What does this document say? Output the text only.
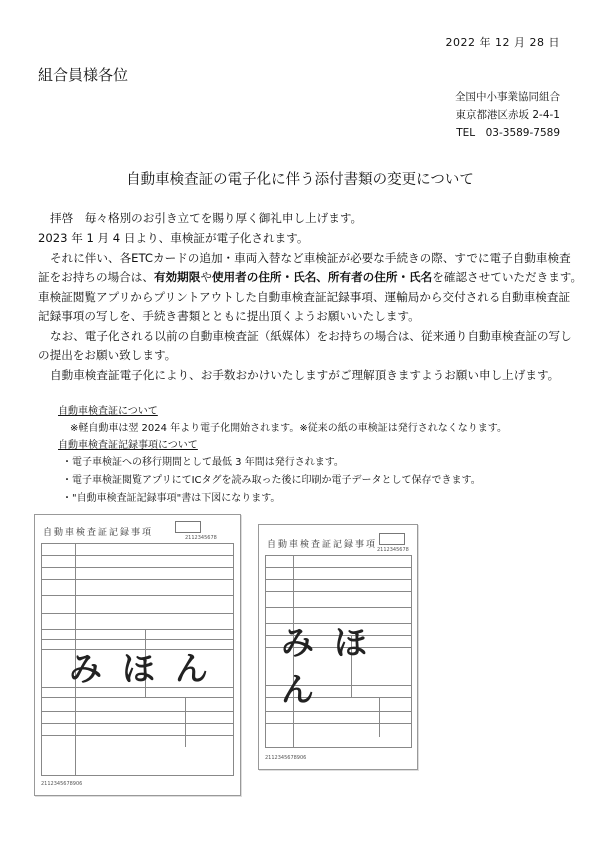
2022 年 12 月 28 日
組合員様各位
全国中小事業協同組合
東京都港区赤坂 2-4-1
TEL　03-3589-7589
自動車検査証の電子化に伴う添付書類の変更について
拝啓　毎々格別のお引き立てを賜り厚く御礼申し上げます。
2023 年 1 月 4 日より、車検証が電子化されます。
それに伴い、各ETCカードの追加・車両入替など車検証が必要な手続きの際、すでに電子自動車検査
証をお持ちの場合は、有効期限や使用者の住所・氏名、所有者の住所・氏名を確認させていただきます。
車検証閲覧アプリからプリントアウトした自動車検査証記録事項、運輸局から交付される自動車検査証
記録事項の写しを、手続き書類とともに提出頂くようお願いいたします。
なお、電子化される以前の自動車検査証（紙媒体）をお持ちの場合は、従来通り自動車検査証の写し
の提出をお願い致します。
自動車検査証電子化により、お手数おかけいたしますがご理解頂きますようお願い申し上げます。
自動車検査証について
※軽自動車は翌 2024 年より電子化開始されます。※従来の紙の車検証は発行されなくなります。
自動車検査証記録事項について
・電子車検証への移行期間として最低 3 年間は発行されます。
・電子車検証閲覧アプリにてICタグを読み取った後に印刷か電子データとして保存できます。
・"自動車検査証記録事項"書は下図になります。
自動車検査証記録事項	2112345678
2112345678906
みほん
自動車検査証記録事項 2112345678
2112345678906
みほん
